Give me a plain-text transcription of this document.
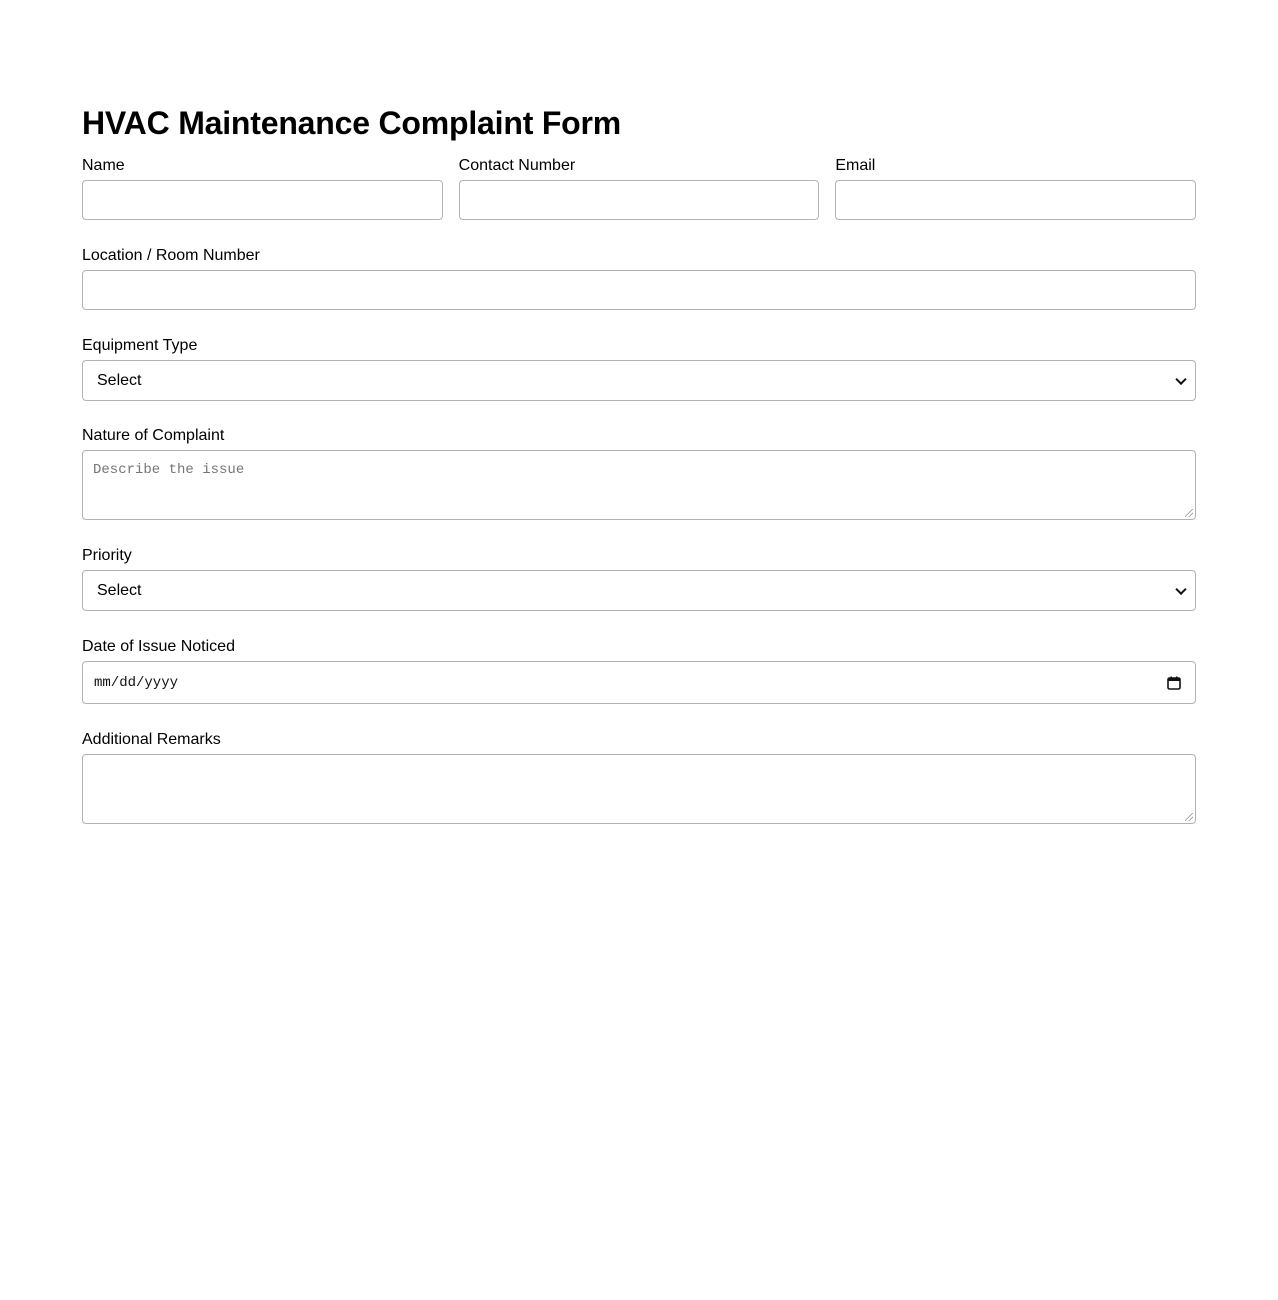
HVAC Maintenance Complaint Form
Name	Contact Number	Email
Location / Room Number
Equipment Type
Select
Nature of Complaint
Describe the issue
Priority
Select
Date of Issue Noticed
mm/dd/yyyy
Additional Remarks
